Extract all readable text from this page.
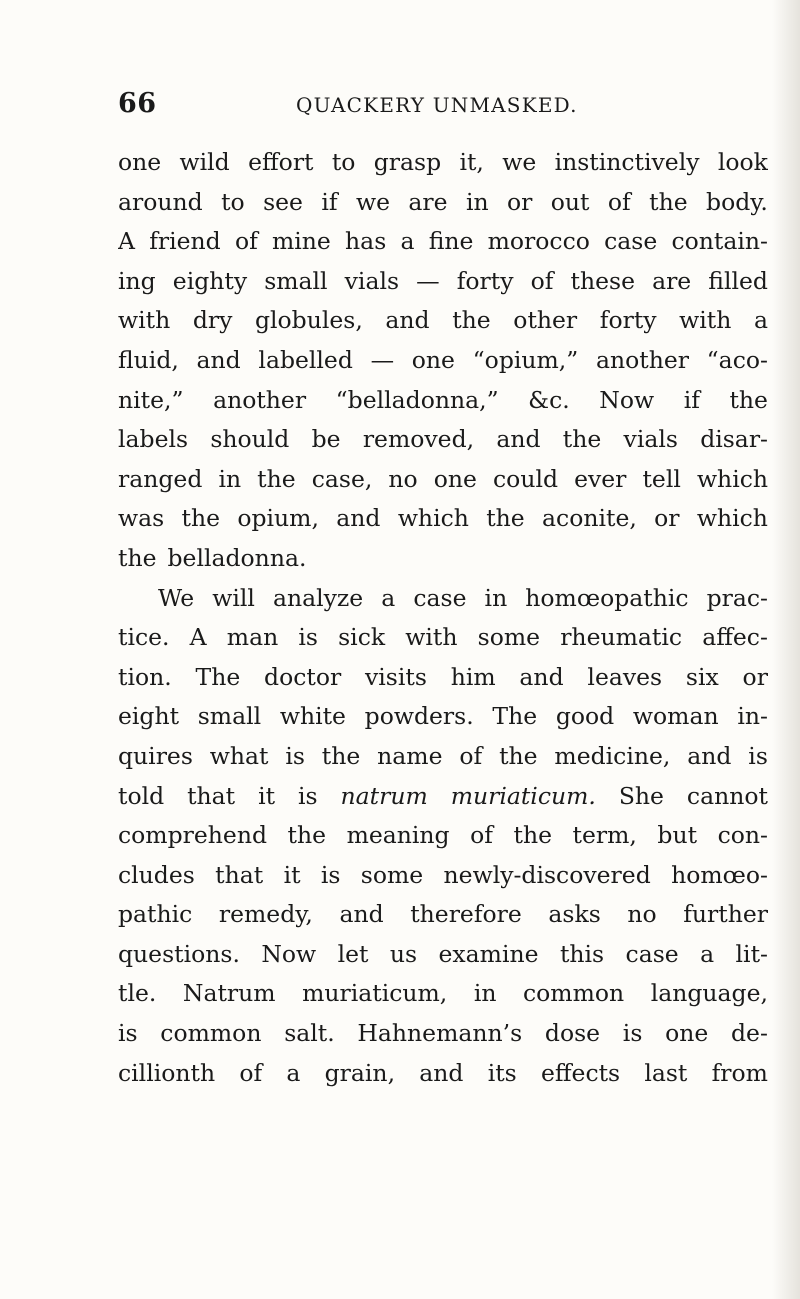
66	QUACKERY UNMASKED.
one wild effort to grasp it, we instinctively look
around to see if we are in or out of the body.
A friend of mine has a fine morocco case contain-
ing eighty small vials — forty of these are filled
with dry globules, and the other forty with a
fluid, and labelled — one “opium,” another “aco-
nite,” another “belladonna,” &c. Now if the
labels should be removed, and the vials disar-
ranged in the case, no one could ever tell which
was the opium, and which the aconite, or which
the belladonna.
We will analyze a case in homœopathic prac-
tice. A man is sick with some rheumatic affec-
tion. The doctor visits him and leaves six or
eight small white powders. The good woman in-
quires what is the name of the medicine, and is
told that it is natrum muriaticum. She cannot
comprehend the meaning of the term, but con-
cludes that it is some newly-discovered homœo-
pathic remedy, and therefore asks no further
questions. Now let us examine this case a lit-
tle. Natrum muriaticum, in common language,
is common salt. Hahnemann’s dose is one de-
cillionth of a grain, and its effects last from
